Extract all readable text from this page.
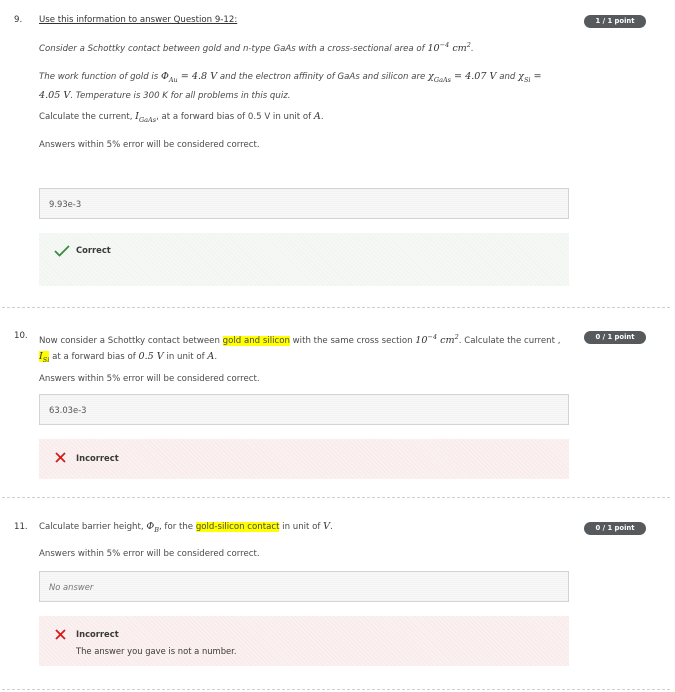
9. Use this information to answer Question 9-12:	1 / 1 point
Consider a Schottky contact between gold and n-type GaAs with a cross-sectional area of $10^{-4}$ $cm^2$.
The work function of gold is $\Phi_{Au} = 4.8$ V and the electron affinity of GaAs and silicon are $\chi_{GaAs} = 4.07$ V and $\chi_{Si}$ =
4.05 V. Temperature is 300 K for all problems in this quiz.
Calculate the current, $I_{GaAs}$, at a forward bias of 0.5 V in unit of A.
Answers within 5% error will be considered correct.
9.93e-3
Correct
10.
Now consider a Schottky contact between gold and silicon with the same cross section $10^{-4}$ $cm^2$. Calculate the current ,
$I_{Si}$ at a forward bias of 0.5 V in unit of A.
0 / 1 point
Answers within 5% error will be considered correct.
63.03e-3
Incorrect
11. Calculate barrier height, $\Phi_B$, for the gold-silicon contact in unit of V.	0 / 1 point
Answers within 5% error will be considered correct.
No answer
Incorrect
The answer you gave is not a number.
